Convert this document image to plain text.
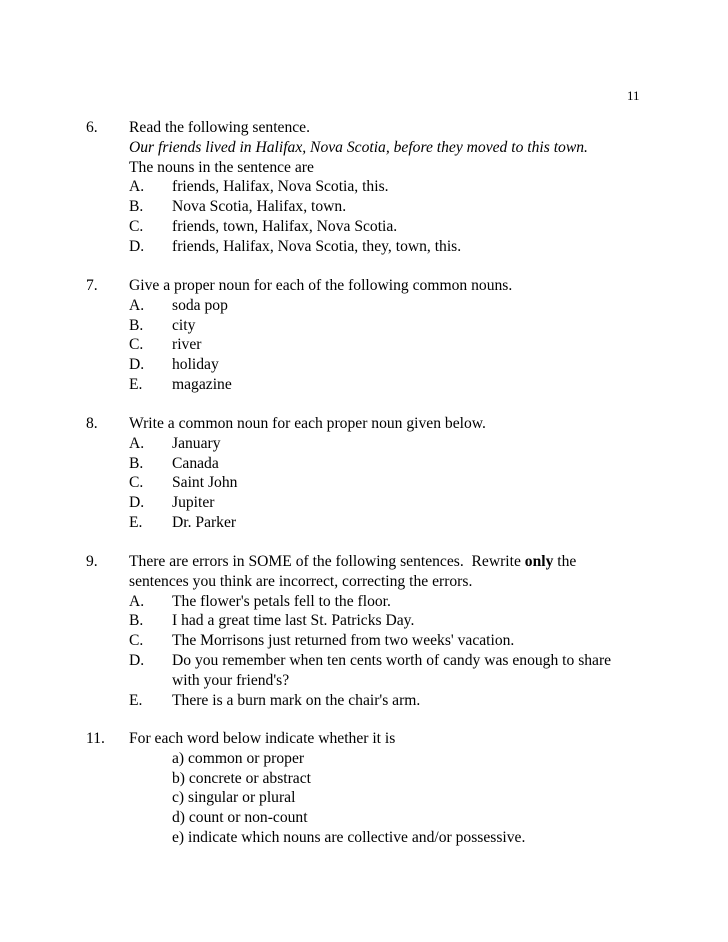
11
6. Read the following sentence.
Our friends lived in Halifax, Nova Scotia, before they moved to this town.
The nouns in the sentence are
A. friends, Halifax, Nova Scotia, this.
B. Nova Scotia, Halifax, town.
C. friends, town, Halifax, Nova Scotia.
D. friends, Halifax, Nova Scotia, they, town, this.
7. Give a proper noun for each of the following common nouns.
A. soda pop
B. city
C. river
D. holiday
E. magazine
8. Write a common noun for each proper noun given below.
A. January
B. Canada
C. Saint John
D. Jupiter
E. Dr. Parker
9. There are errors in SOME of the following sentences.  Rewrite only the
sentences you think are incorrect, correcting the errors.
A. The flower's petals fell to the floor.
B. I had a great time last St. Patricks Day.
C. The Morrisons just returned from two weeks' vacation.
D. Do you remember when ten cents worth of candy was enough to share
with your friend's?
E. There is a burn mark on the chair's arm.
11. For each word below indicate whether it is
a) common or proper
b) concrete or abstract
c) singular or plural
d) count or non-count
e) indicate which nouns are collective and/or possessive.
